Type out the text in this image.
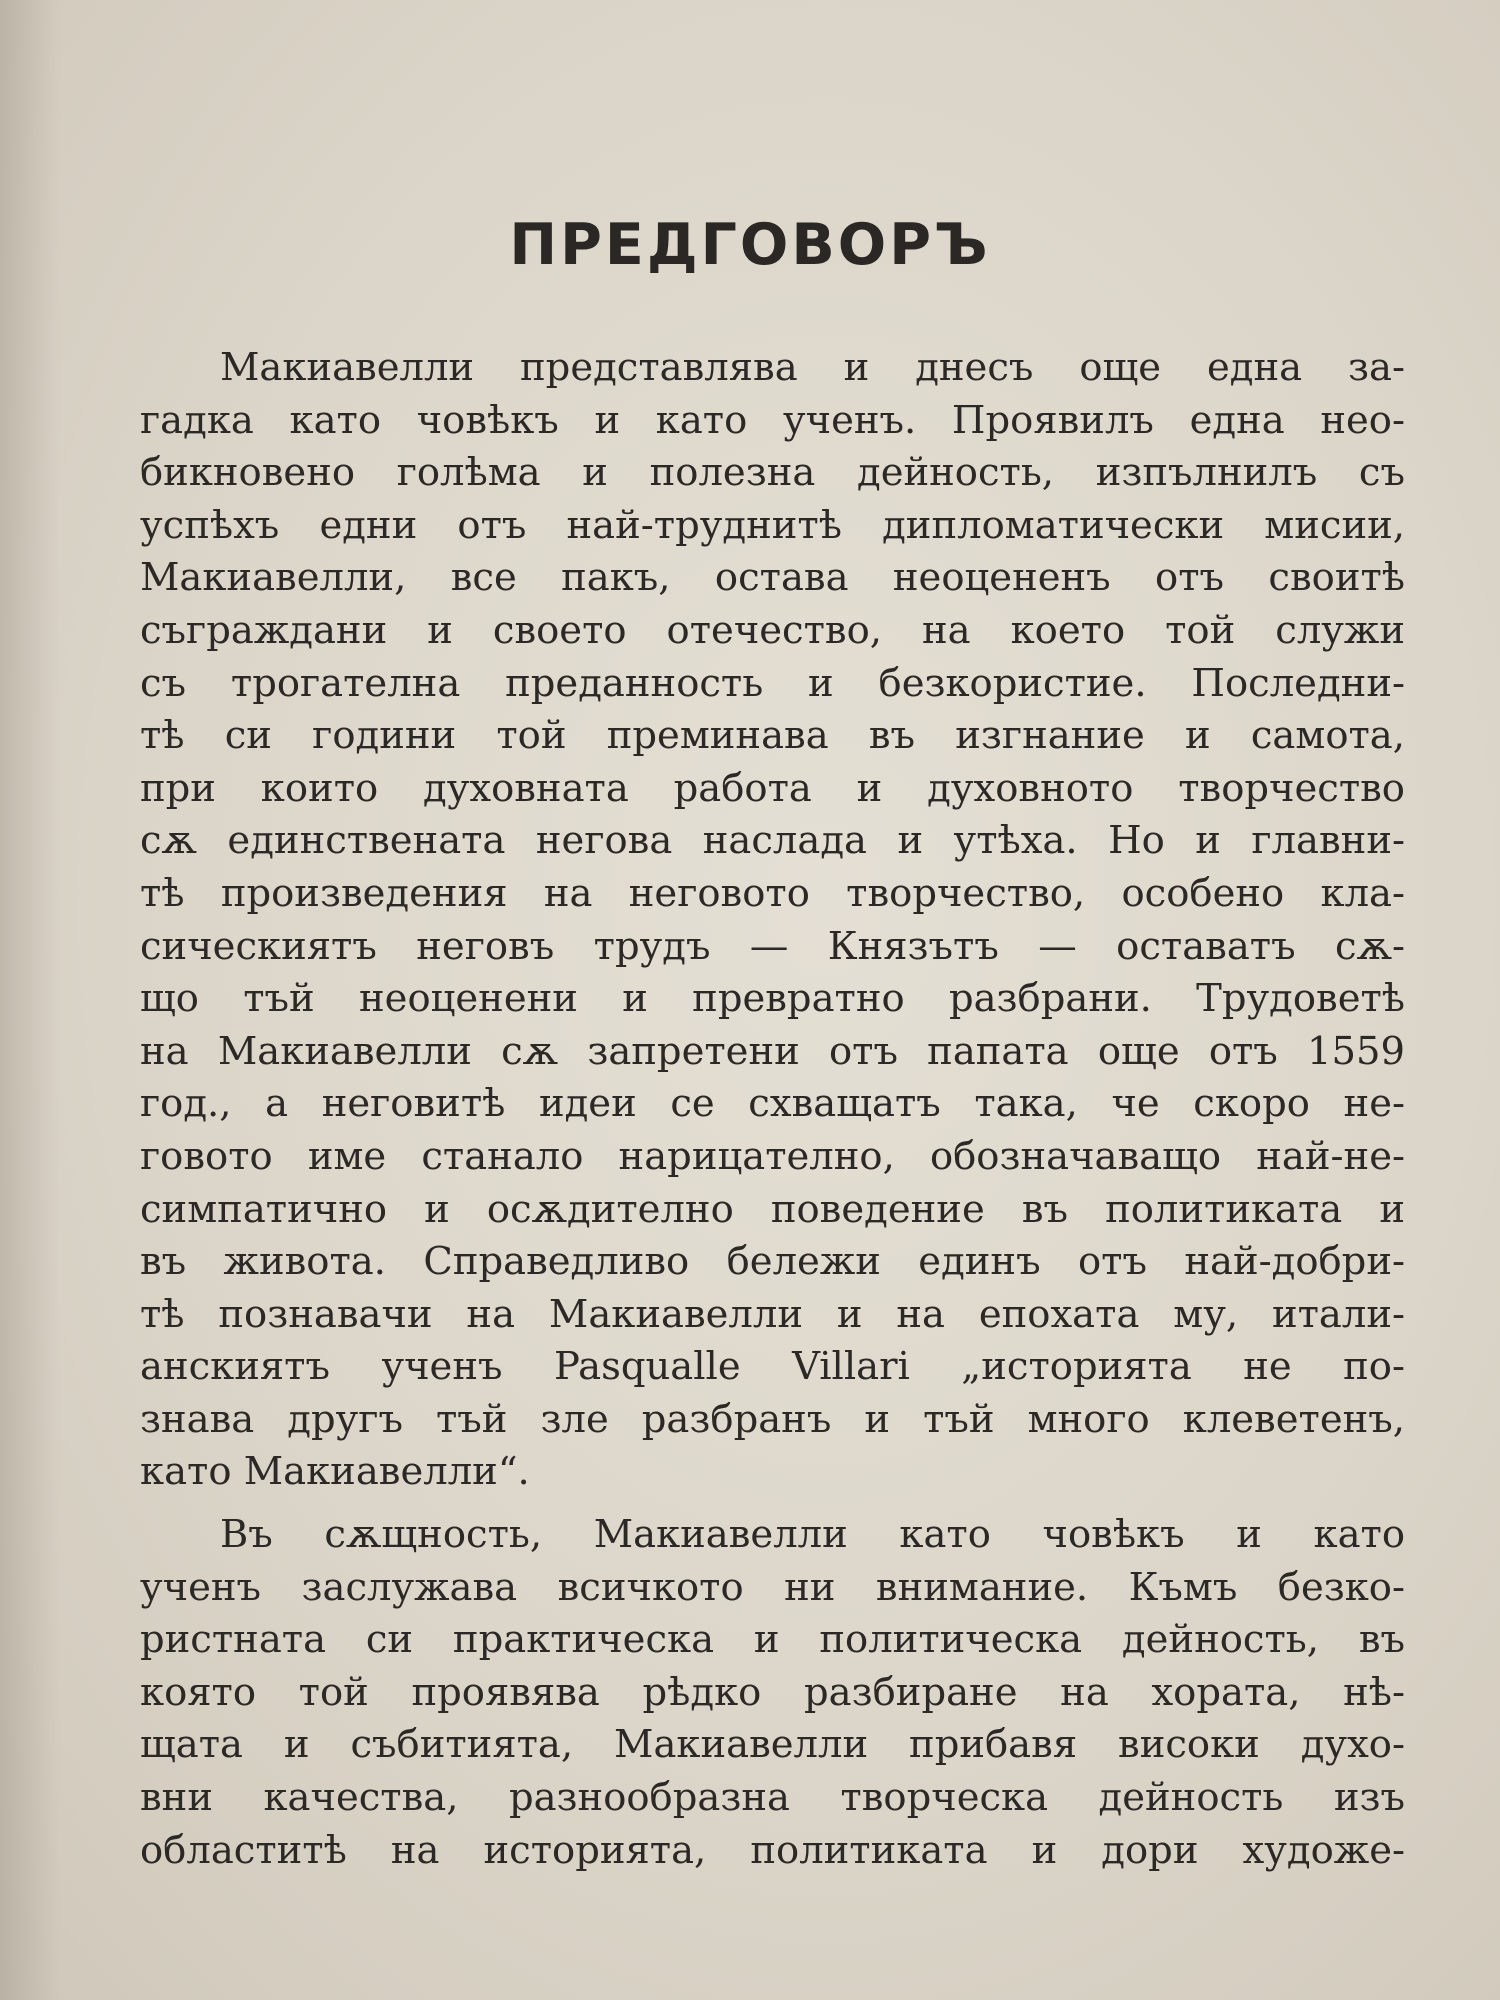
ПРЕДГОВОРЪ
Макиавелли представлява и днесъ още една за-
гадка като човѣкъ и като ученъ. Проявилъ една нео-
бикновено голѣма и полезна дейность, изпълнилъ съ
успѣхъ едни отъ най-труднитѣ дипломатически мисии,
Макиавелли, все пакъ, остава неоцененъ отъ своитѣ
съграждани и своето отечество, на което той служи
съ трогателна преданность и безкористие. Последни-
тѣ си години той преминава въ изгнание и самота,
при които духовната работа и духовното творчество
сѫ единствената негова наслада и утѣха. Но и главни-
тѣ произведения на неговото творчество, особено кла-
сическиятъ неговъ трудъ — Князътъ — оставатъ сѫ-
що тъй неоценени и превратно разбрани. Трудоветѣ
на Макиавелли сѫ запретени отъ папата още отъ 1559
год., а неговитѣ идеи се схващатъ така, че скоро не-
говото име станало нарицателно, обозначаващо най-не-
симпатично и осѫдително поведение въ политиката и
въ живота. Справедливо бележи единъ отъ най-добри-
тѣ познавачи на Макиавелли и на епохата му, итали-
анскиятъ ученъ Pasqualle Villari „историята не по-
знава другъ тъй зле разбранъ и тъй много клеветенъ,
като Макиавелли“.
Въ сѫщность, Макиавелли като човѣкъ и като
ученъ заслужава всичкото ни внимание. Къмъ безко-
ристната си практическа и политическа дейность, въ
която той проявява рѣдко разбиране на хората, нѣ-
щата и събитията, Макиавелли прибавя високи духо-
вни качества, разнообразна творческа дейность изъ
областитѣ на историята, политиката и дори художе-
